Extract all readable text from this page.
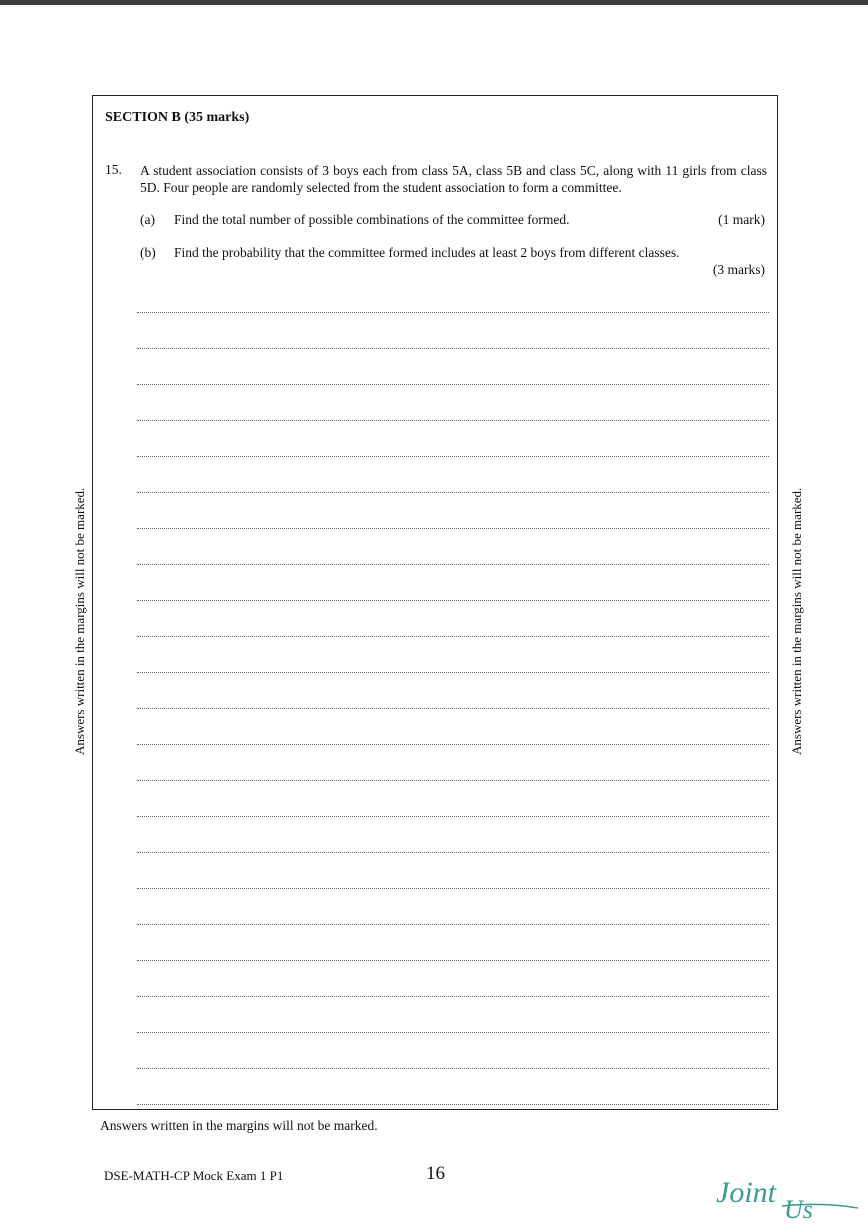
SECTION B (35 marks)
15. A student association consists of 3 boys each from class 5A, class 5B and class 5C, along with 11 girls from class 5D. Four people are randomly selected from the student association to form a committee.
(a) Find the total number of possible combinations of the committee formed.	(1 mark)
(b) Find the probability that the committee formed includes at least 2 boys from different classes.
(3 marks)
Answers written in the margins will not be marked.	Answers written in the margins will not be marked.
Answers written in the margins will not be marked.
DSE-MATH-CP Mock Exam 1 P1	16
Joint
Us
